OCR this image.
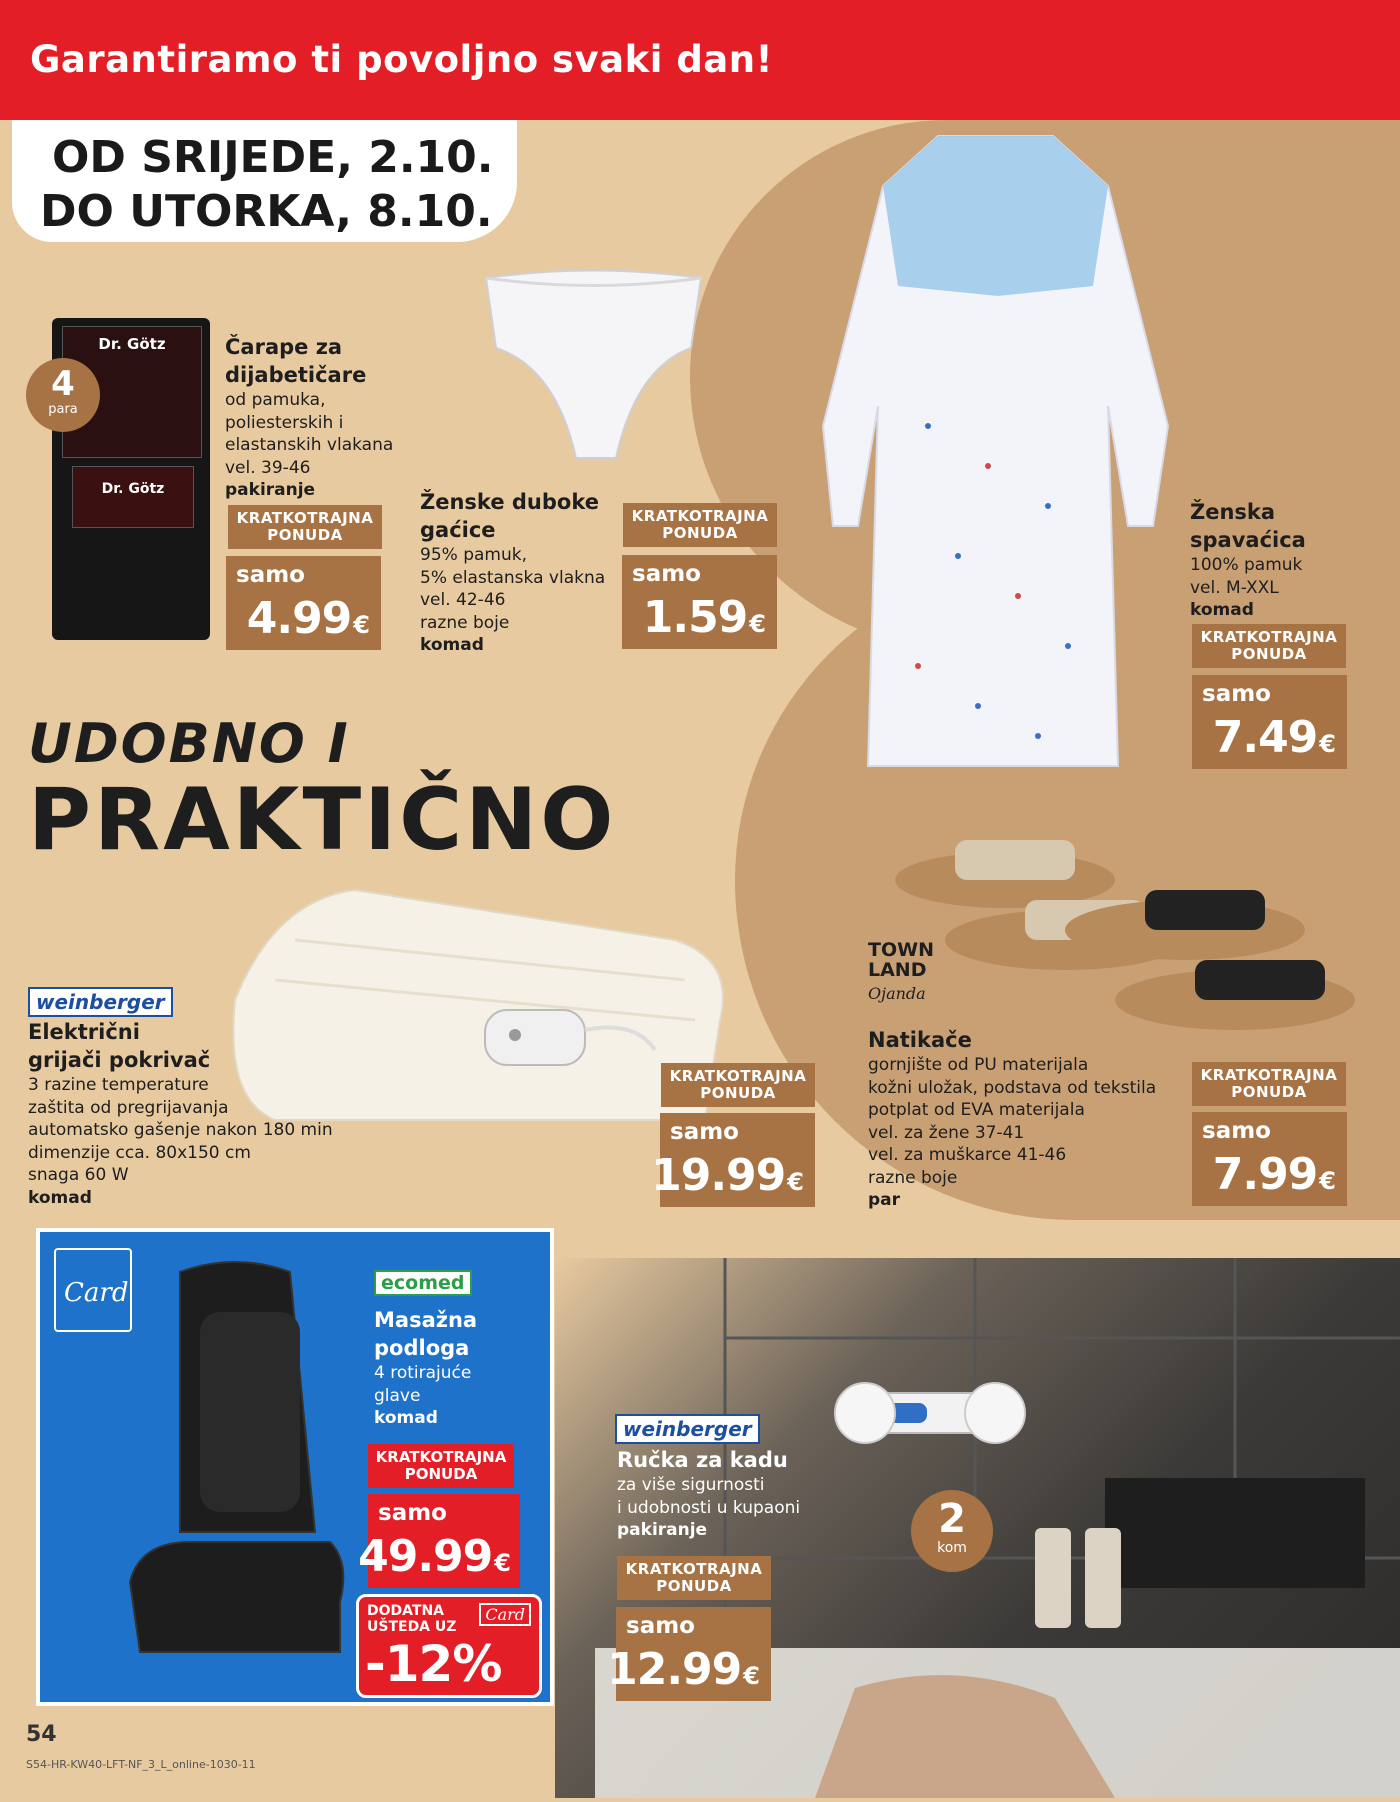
Garantiramo ti povoljno svaki dan!
OD SRIJEDE, 2.10.
DO UTORKA, 8.10.
Dr. Götz
Dr. Götz
4
para
Čarape za
dijabetičare
od pamuka,
poliesterskih i
elastanskih vlakana
vel. 39-46
pakiranje
KRATKOTRAJNA
PONUDA
samo
4.99€
Ženske duboke
gaćice
95% pamuk,
5% elastanska vlakna
vel. 42-46
razne boje
komad
KRATKOTRAJNA
PONUDA
samo
1.59€
Ženska
spavaćica
100% pamuk
vel. M-XXL
komad
KRATKOTRAJNA
PONUDA
samo
7.49€
UDOBNO I
PRAKTIČNO
TOWN
LAND
Ojanda
Natikače
gornjište od PU materijala
kožni uložak, podstava od tekstila
potplat od EVA materijala
vel. za žene 37-41
vel. za muškarce 41-46
razne boje
par
KRATKOTRAJNA
PONUDA
samo
7.99€
weinberger
Električni
grijači pokrivač
3 razine temperature
zaštita od pregrijavanja
automatsko gašenje nakon 180 min
dimenzije cca. 80x150 cm
snaga 60 W
komad
KRATKOTRAJNA
PONUDA
samo
19.99€
weinberger
Ručka za kadu
za više sigurnosti
i udobnosti u kupaoni
pakiranje	2
kom
KRATKOTRAJNA
PONUDA
samo
12.99€
Card	ecomed
Masažna
podloga
4 rotirajuće
glave
komad
KRATKOTRAJNA
PONUDA
samo
49.99€
DODATNA
UŠTEDA UZ
Card
-12%
54
S54-HR-KW40-LFT-NF_3_L_online-1030-11
